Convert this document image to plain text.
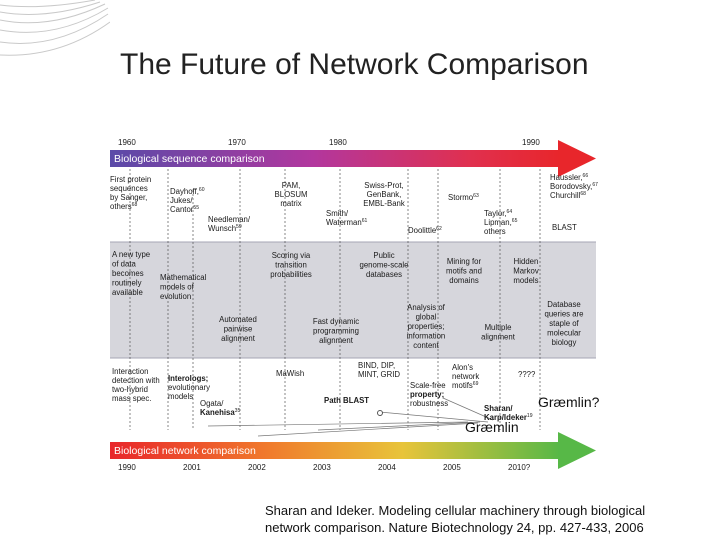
The Future of Network Comparison
Biological sequence comparison
Biological network comparison
1960	1970	1980	1990
1990	2001	2002	2003	2004	2005	2010?
First protein sequences by Sanger, others$^{68}$
Dayhoff,$^{60}$ Jukes/ Cantor$^{55}$
PAM, BLOSUM matrix
Needleman/ Wunsch$^{59}$
Smith/ Waterman$^{61}$
Swiss-Prot, GenBank, EMBL-Bank
Stormo$^{63}$
Doolittle$^{62}$
Taylor,$^{64}$ Lipman,$^{65}$ others
Haussler,$^{66}$ Borodovsky,$^{67}$ Churchill$^{68}$
BLAST
A new type of data becomes routinely available
Mathematical models of evolution
Scoring via transition probabilities
Public genome-scale databases
Mining for motifs and domains
Hidden Markov models
Automated pairwise alignment
Fast dynamic programming alignment
Analysis of global properties; information content
Multiple alignment
Database queries are staple of molecular biology
Interaction detection with two-hybrid mass spec.
Interologs; evolutionary models
MaWish
BIND, DIP, MINT, GRID
Alon's network motifs$^{69}$
????
Scale-free property; robustness
Ogata/ Kanehisa$^{35}$
Path BLAST
Sharan/ Karp/Ideker$^{19}$
Græmlin?
Græmlin
Sharan and Ideker. Modeling cellular machinery through biological
network comparison. Nature Biotechnology 24, pp. 427-433, 2006
